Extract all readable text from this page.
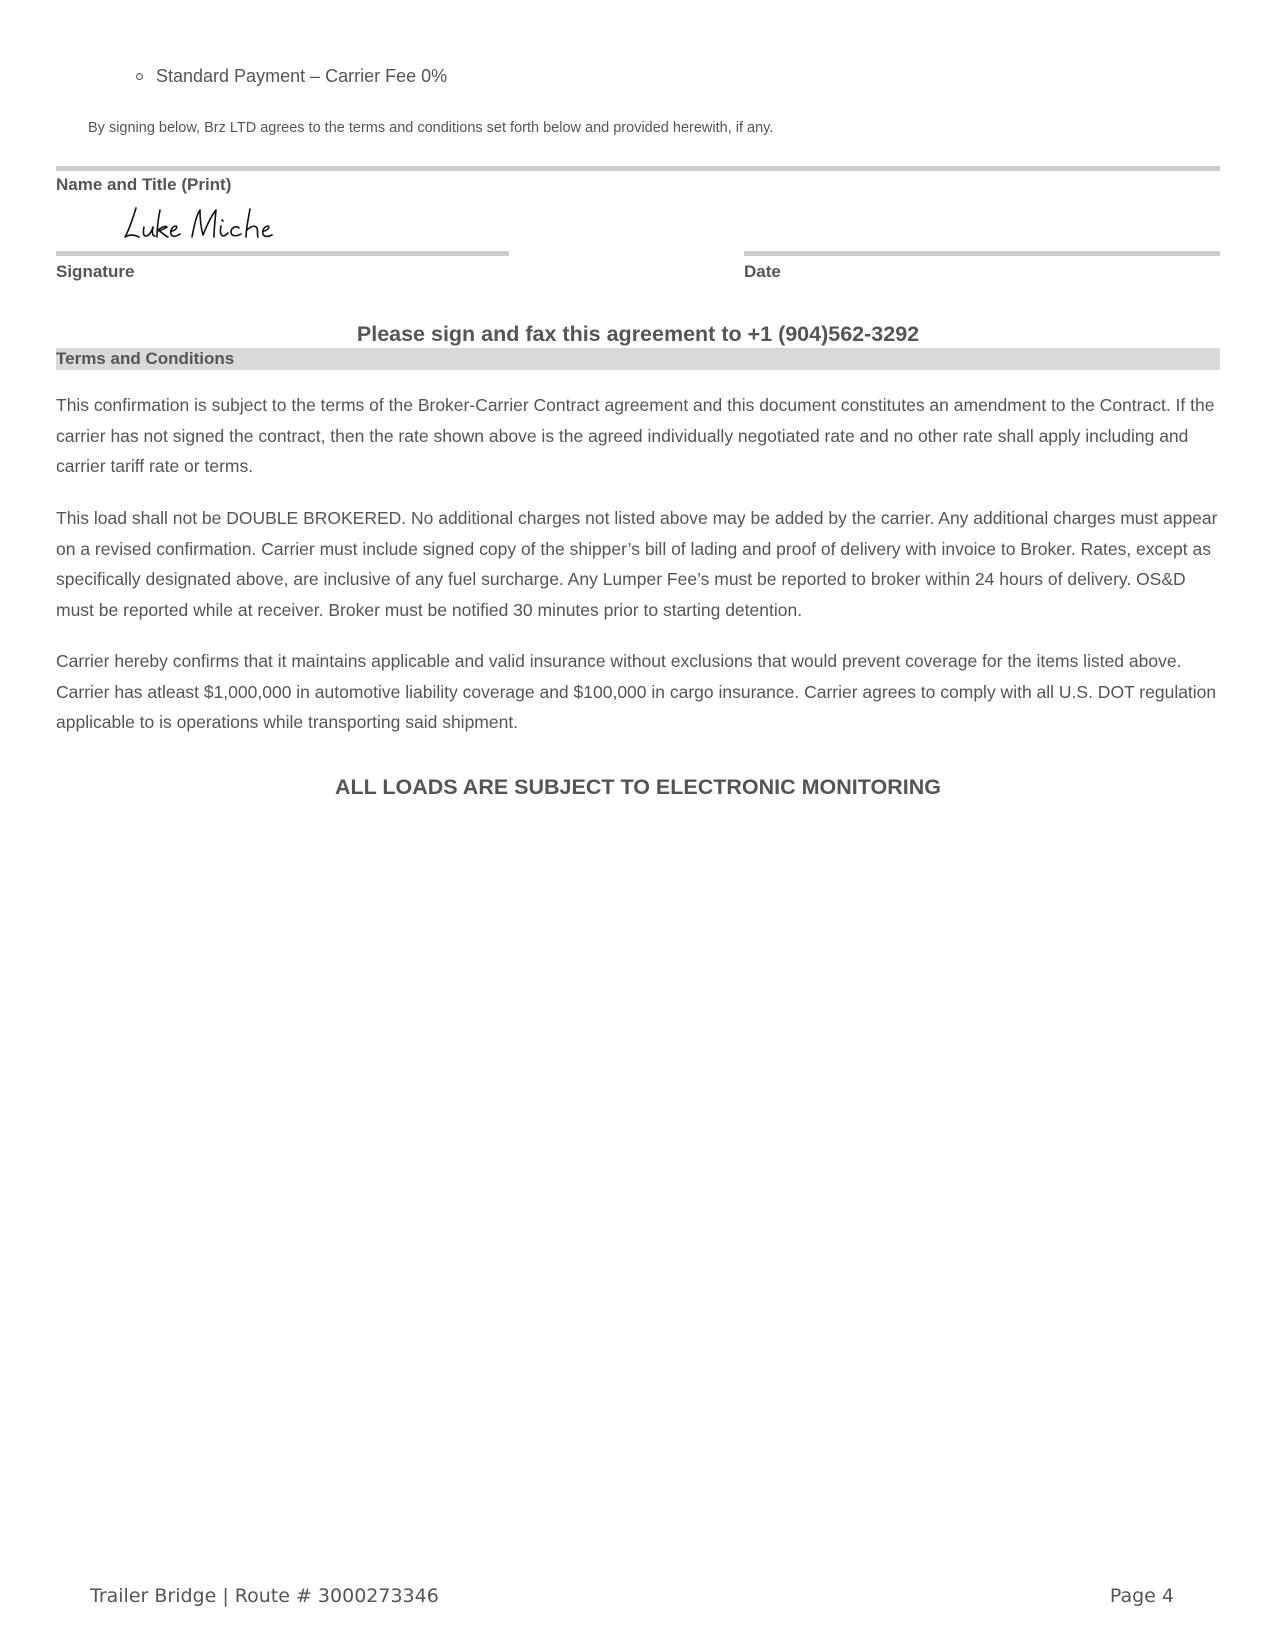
Standard Payment – Carrier Fee 0%
By signing below, Brz LTD agrees to the terms and conditions set forth below and provided herewith, if any.
Name and Title (Print)
Signature	Date
Please sign and fax this agreement to +1 (904)562-3292
Terms and Conditions

This confirmation is subject to the terms of the Broker-Carrier Contract agreement and this document constitutes an amendment to the Contract. If the carrier has not signed the contract, then the rate shown above is the agreed individually negotiated rate and no other rate shall apply including and carrier tariff rate or terms.

This load shall not be DOUBLE BROKERED. No additional charges not listed above may be added by the carrier. Any additional charges must appear on a revised confirmation. Carrier must include signed copy of the shipper’s bill of lading and proof of delivery with invoice to Broker. Rates, except as specifically designated above, are inclusive of any fuel surcharge. Any Lumper Fee’s must be reported to broker within 24 hours of delivery. OS&D must be reported while at receiver. Broker must be notified 30 minutes prior to starting detention.

Carrier hereby confirms that it maintains applicable and valid insurance without exclusions that would prevent coverage for the items listed above. Carrier has atleast $1,000,000 in automotive liability coverage and $100,000 in cargo insurance. Carrier agrees to comply with all U.S. DOT regulation applicable to is operations while transporting said shipment.

ALL LOADS ARE SUBJECT TO ELECTRONIC MONITORING
Trailer Bridge | Route # 3000273346	Page 4
